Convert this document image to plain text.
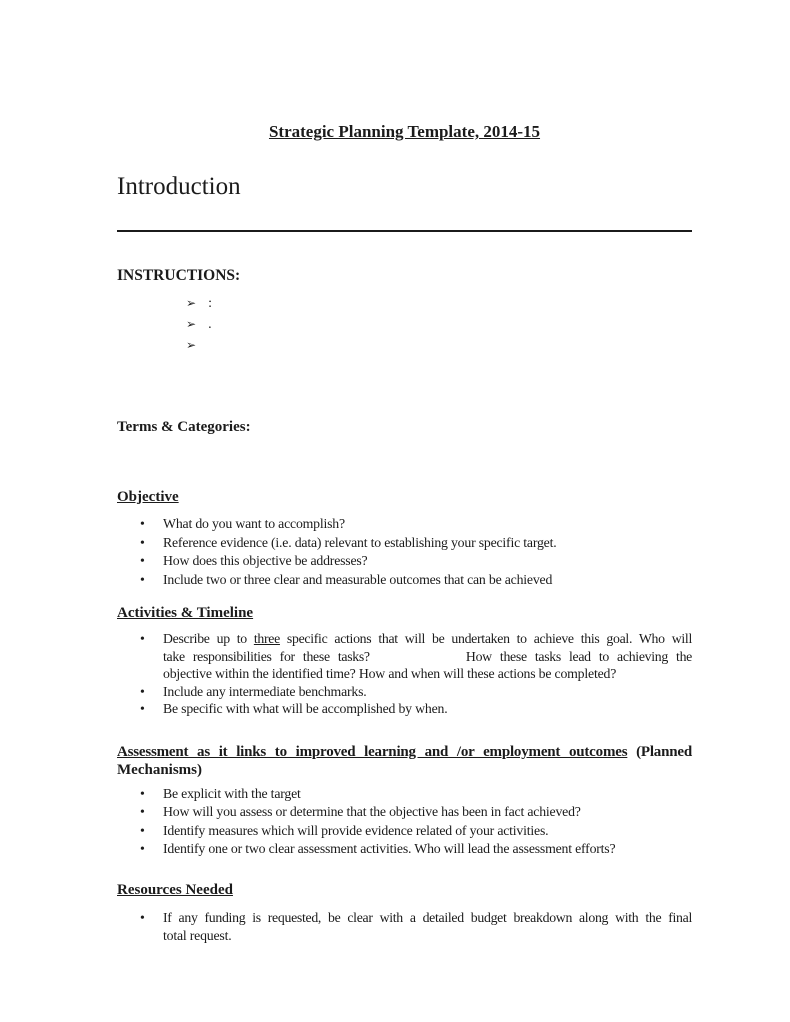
Strategic Planning Template, 2014-15
Introduction
INSTRUCTIONS:
➢ :
➢ .
➢
Terms & Categories:
Objective
• What do you want to accomplish?
• Reference evidence (i.e. data) relevant to establishing your specific target.
• How does this objective be addresses?
• Include two or three clear and measurable outcomes that can be achieved
Activities & Timeline
• Describe up to three specific actions that will be undertaken to achieve this goal. Who will
take responsibilities for these tasks?	How these tasks lead to achieving the
objective within the identified time? How and when will these actions be completed?
• Include any intermediate benchmarks.
• Be specific with what will be accomplished by when.
Assessment as it links to improved learning and /or employment outcomes (Planned
Mechanisms)
• Be explicit with the target
• How will you assess or determine that the objective has been in fact achieved?
• Identify measures which will provide evidence related of your activities.
• Identify one or two clear assessment activities. Who will lead the assessment efforts?
Resources Needed
• If any funding is requested, be clear with a detailed budget breakdown along with the final
total request.
